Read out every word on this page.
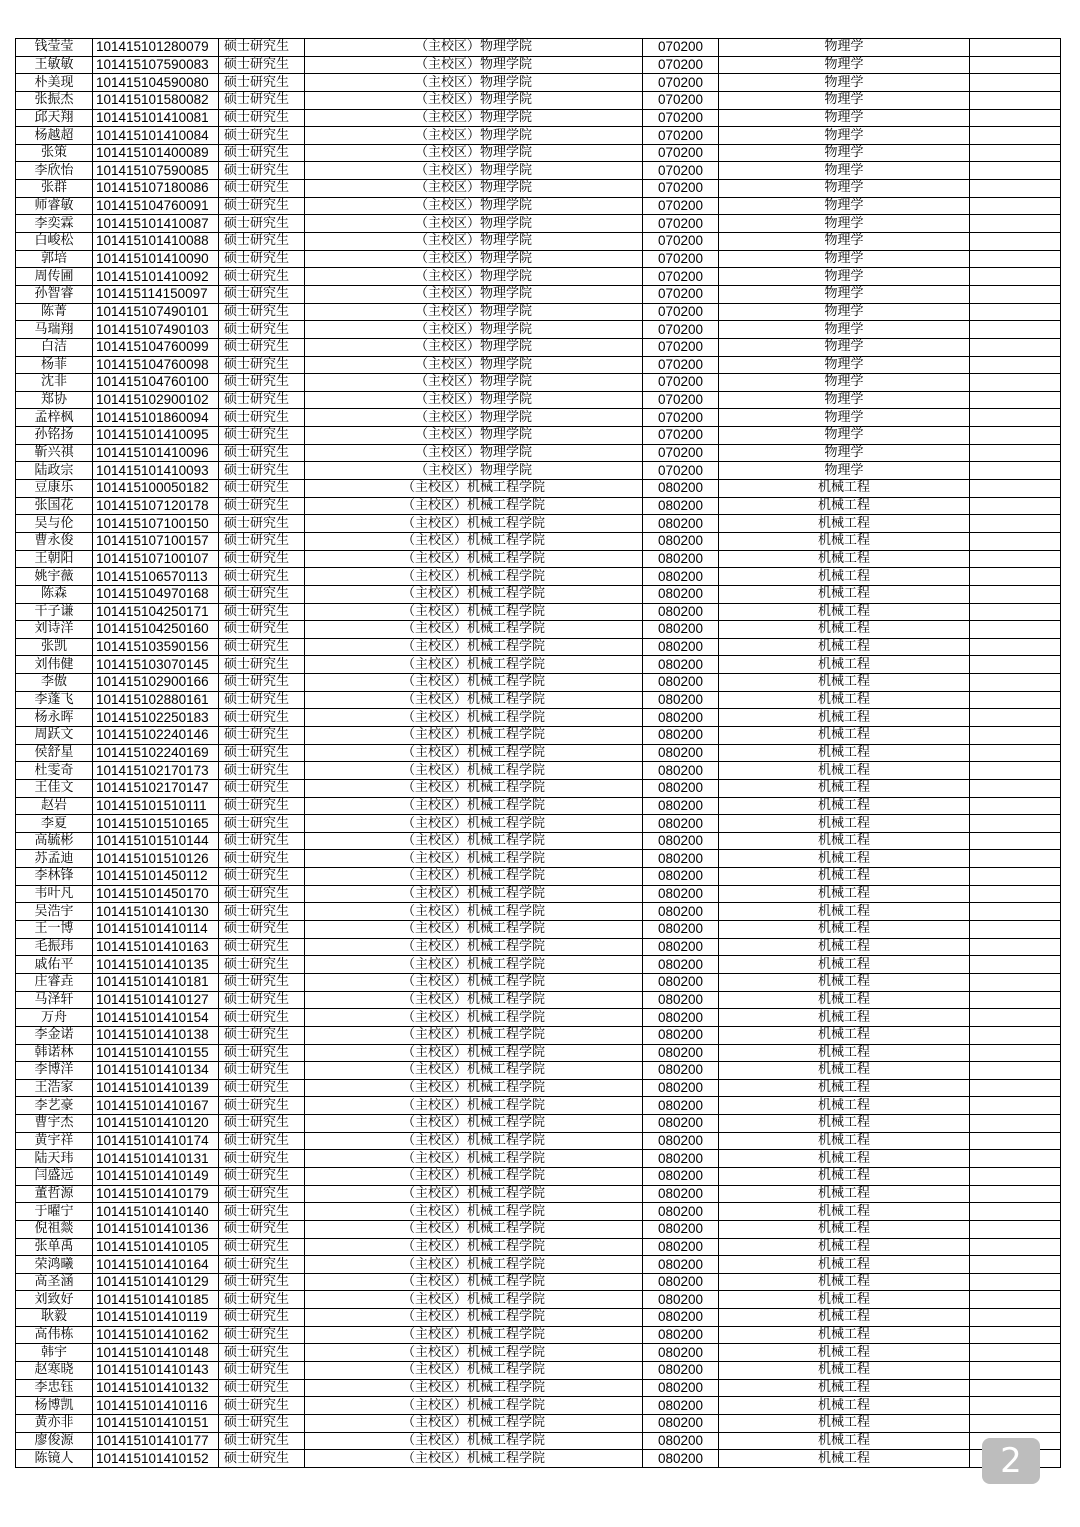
钱莹莹	101415101280079	硕士研究生	（主校区）物理学院	070200	物理学	
王敏敏	101415107590083	硕士研究生	（主校区）物理学院	070200	物理学	
朴美现	101415104590080	硕士研究生	（主校区）物理学院	070200	物理学	
张振杰	101415101580082	硕士研究生	（主校区）物理学院	070200	物理学	
邱天翔	101415101410081	硕士研究生	（主校区）物理学院	070200	物理学	
杨越超	101415101410084	硕士研究生	（主校区）物理学院	070200	物理学	
张策	101415101400089	硕士研究生	（主校区）物理学院	070200	物理学	
李欣怡	101415107590085	硕士研究生	（主校区）物理学院	070200	物理学	
张群	101415107180086	硕士研究生	（主校区）物理学院	070200	物理学	
师睿敏	101415104760091	硕士研究生	（主校区）物理学院	070200	物理学	
李奕霖	101415101410087	硕士研究生	（主校区）物理学院	070200	物理学	
白峻松	101415101410088	硕士研究生	（主校区）物理学院	070200	物理学	
郭培	101415101410090	硕士研究生	（主校区）物理学院	070200	物理学	
周传圃	101415101410092	硕士研究生	（主校区）物理学院	070200	物理学	
孙智睿	101415114150097	硕士研究生	（主校区）物理学院	070200	物理学	
陈菁	101415107490101	硕士研究生	（主校区）物理学院	070200	物理学	
马瑞翔	101415107490103	硕士研究生	（主校区）物理学院	070200	物理学	
白洁	101415104760099	硕士研究生	（主校区）物理学院	070200	物理学	
杨菲	101415104760098	硕士研究生	（主校区）物理学院	070200	物理学	
沈非	101415104760100	硕士研究生	（主校区）物理学院	070200	物理学	
郑协	101415102900102	硕士研究生	（主校区）物理学院	070200	物理学	
孟梓枫	101415101860094	硕士研究生	（主校区）物理学院	070200	物理学	
孙铭扬	101415101410095	硕士研究生	（主校区）物理学院	070200	物理学	
靳兴祺	101415101410096	硕士研究生	（主校区）物理学院	070200	物理学	
陆政宗	101415101410093	硕士研究生	（主校区）物理学院	070200	物理学	
豆康乐	101415100050182	硕士研究生	（主校区）机械工程学院	080200	机械工程	
张国花	101415107120178	硕士研究生	（主校区）机械工程学院	080200	机械工程	
吴与伦	101415107100150	硕士研究生	（主校区）机械工程学院	080200	机械工程	
曹永俊	101415107100157	硕士研究生	（主校区）机械工程学院	080200	机械工程	
王朝阳	101415107100107	硕士研究生	（主校区）机械工程学院	080200	机械工程	
姚宇薇	101415106570113	硕士研究生	（主校区）机械工程学院	080200	机械工程	
陈森	101415104970168	硕士研究生	（主校区）机械工程学院	080200	机械工程	
干子谦	101415104250171	硕士研究生	（主校区）机械工程学院	080200	机械工程	
刘诗洋	101415104250160	硕士研究生	（主校区）机械工程学院	080200	机械工程	
张凯	101415103590156	硕士研究生	（主校区）机械工程学院	080200	机械工程	
刘伟健	101415103070145	硕士研究生	（主校区）机械工程学院	080200	机械工程	
李傲	101415102900166	硕士研究生	（主校区）机械工程学院	080200	机械工程	
李蓬飞	101415102880161	硕士研究生	（主校区）机械工程学院	080200	机械工程	
杨永晖	101415102250183	硕士研究生	（主校区）机械工程学院	080200	机械工程	
周跃文	101415102240146	硕士研究生	（主校区）机械工程学院	080200	机械工程	
侯舒星	101415102240169	硕士研究生	（主校区）机械工程学院	080200	机械工程	
杜雯奇	101415102170173	硕士研究生	（主校区）机械工程学院	080200	机械工程	
王佳文	101415102170147	硕士研究生	（主校区）机械工程学院	080200	机械工程	
赵岩	101415101510111	硕士研究生	（主校区）机械工程学院	080200	机械工程	
李夏	101415101510165	硕士研究生	（主校区）机械工程学院	080200	机械工程	
高毓彬	101415101510144	硕士研究生	（主校区）机械工程学院	080200	机械工程	
苏孟迪	101415101510126	硕士研究生	（主校区）机械工程学院	080200	机械工程	
李林锋	101415101450112	硕士研究生	（主校区）机械工程学院	080200	机械工程	
韦叶凡	101415101450170	硕士研究生	（主校区）机械工程学院	080200	机械工程	
吴浩宇	101415101410130	硕士研究生	（主校区）机械工程学院	080200	机械工程	
王一博	101415101410114	硕士研究生	（主校区）机械工程学院	080200	机械工程	
毛振玮	101415101410163	硕士研究生	（主校区）机械工程学院	080200	机械工程	
戚佑平	101415101410135	硕士研究生	（主校区）机械工程学院	080200	机械工程	
庄睿垚	101415101410181	硕士研究生	（主校区）机械工程学院	080200	机械工程	
马泽轩	101415101410127	硕士研究生	（主校区）机械工程学院	080200	机械工程	
万舟	101415101410154	硕士研究生	（主校区）机械工程学院	080200	机械工程	
李金诺	101415101410138	硕士研究生	（主校区）机械工程学院	080200	机械工程	
韩诺林	101415101410155	硕士研究生	（主校区）机械工程学院	080200	机械工程	
李博洋	101415101410134	硕士研究生	（主校区）机械工程学院	080200	机械工程	
王浩家	101415101410139	硕士研究生	（主校区）机械工程学院	080200	机械工程	
李艺豪	101415101410167	硕士研究生	（主校区）机械工程学院	080200	机械工程	
曹宇杰	101415101410120	硕士研究生	（主校区）机械工程学院	080200	机械工程	
黄宇祥	101415101410174	硕士研究生	（主校区）机械工程学院	080200	机械工程	
陆天玮	101415101410131	硕士研究生	（主校区）机械工程学院	080200	机械工程	
闫盛远	101415101410149	硕士研究生	（主校区）机械工程学院	080200	机械工程	
董哲源	101415101410179	硕士研究生	（主校区）机械工程学院	080200	机械工程	
于曜宁	101415101410140	硕士研究生	（主校区）机械工程学院	080200	机械工程	
倪祖燚	101415101410136	硕士研究生	（主校区）机械工程学院	080200	机械工程	
张单禹	101415101410105	硕士研究生	（主校区）机械工程学院	080200	机械工程	
荣鸿曦	101415101410164	硕士研究生	（主校区）机械工程学院	080200	机械工程	
高圣涵	101415101410129	硕士研究生	（主校区）机械工程学院	080200	机械工程	
刘致好	101415101410185	硕士研究生	（主校区）机械工程学院	080200	机械工程	
耿毅	101415101410119	硕士研究生	（主校区）机械工程学院	080200	机械工程	
高伟栋	101415101410162	硕士研究生	（主校区）机械工程学院	080200	机械工程	
韩宇	101415101410148	硕士研究生	（主校区）机械工程学院	080200	机械工程	
赵寒晓	101415101410143	硕士研究生	（主校区）机械工程学院	080200	机械工程	
李忠钰	101415101410132	硕士研究生	（主校区）机械工程学院	080200	机械工程	
杨博凯	101415101410116	硕士研究生	（主校区）机械工程学院	080200	机械工程	
黄亦非	101415101410151	硕士研究生	（主校区）机械工程学院	080200	机械工程	
廖俊源	101415101410177	硕士研究生	（主校区）机械工程学院	080200	机械工程	
陈镜人	101415101410152	硕士研究生	（主校区）机械工程学院	080200	机械工程		2
